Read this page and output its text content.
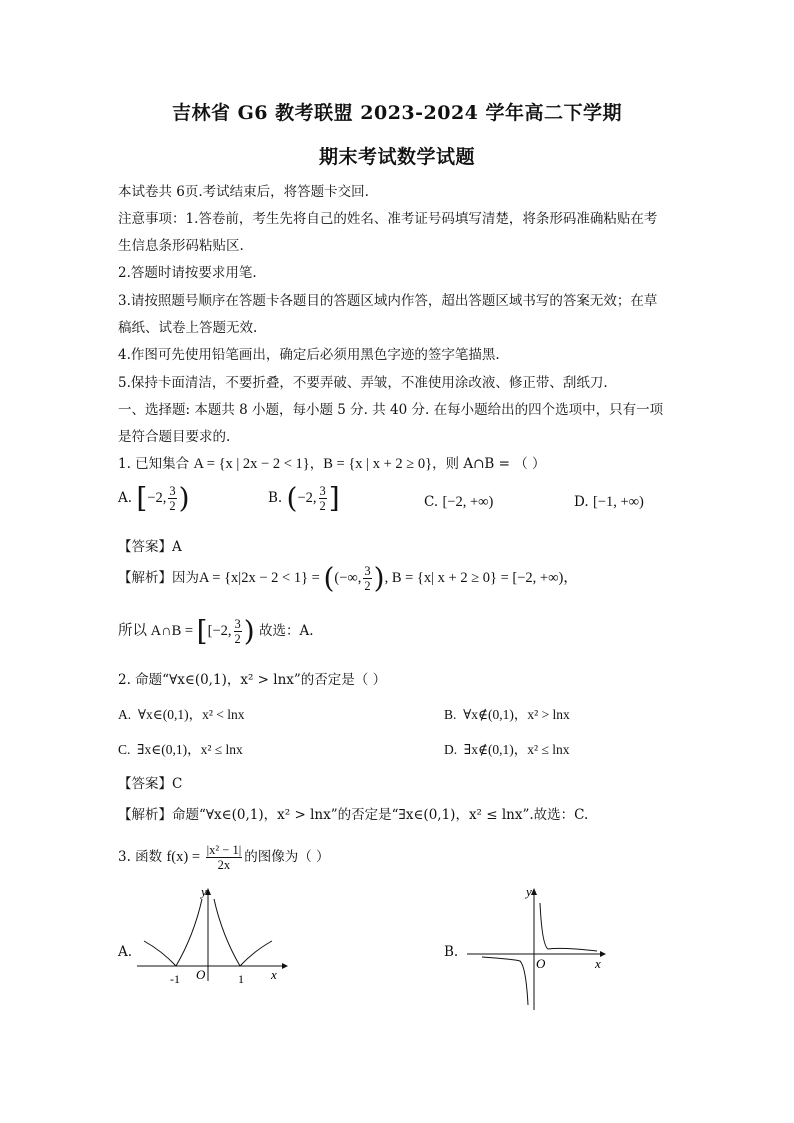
吉林省 G6 教考联盟 2023-2024 学年高二下学期
期末考试数学试题
本试卷共 6页.考试结束后，将答题卡交回.
注意事项：1.答卷前，考生先将自己的姓名、准考证号码填写清楚，将条形码准确粘贴在考
生信息条形码粘贴区.
2.答题时请按要求用笔.
3.请按照题号顺序在答题卡各题目的答题区域内作答，超出答题区域书写的答案无效；在草
稿纸、试卷上答题无效.
4.作图可先使用铅笔画出，确定后必须用黑色字迹的签字笔描黑.
5.保持卡面清洁，不要折叠，不要弄破、弄皱，不准使用涂改液、修正带、刮纸刀.
一、选择题: 本题共 8 小题，每小题 5 分. 共 40 分. 在每小题给出的四个选项中，只有一项
是符合题目要求的.
1. 已知集合 A = {x | 2x − 2 < 1}，B = {x | x + 2 ≥ 0}，则 A∩B = （ ）
A. [−2, $\frac{3}{2}$ )	B. (−2, $\frac{3}{2}$ ]	C. [−2, +∞)	D. [−1, +∞)
【答案】A
【解析】因为A = {x|2x − 2 < 1} = ((−∞, $\frac{3}{2}$ ), B = {x| x + 2 ≥ 0} = [−2, +∞)，
所以 A∩B = [[−2, $\frac{3}{2}$ ) 故选：A.
2. 命题“∀x∈(0,1)，x² > lnx”的否定是（ ）
A. ∀x∈(0,1)，x² < lnx	B. ∀x∉(0,1)，x² > lnx
C. ∃x∈(0,1)，x² ≤ lnx	D. ∃x∉(0,1)，x² ≤ lnx
【答案】C
【解析】命题“∀x∈(0,1)，x² > lnx”的否定是“∃x∈(0,1)，x² ≤ lnx”.故选：C.
3. 函数 $f(x) = \frac{\text{|x² − 1|}}{2x}$ 的图像为（ ）
A.
y
x
O
-1	1
B.
y
x
O
